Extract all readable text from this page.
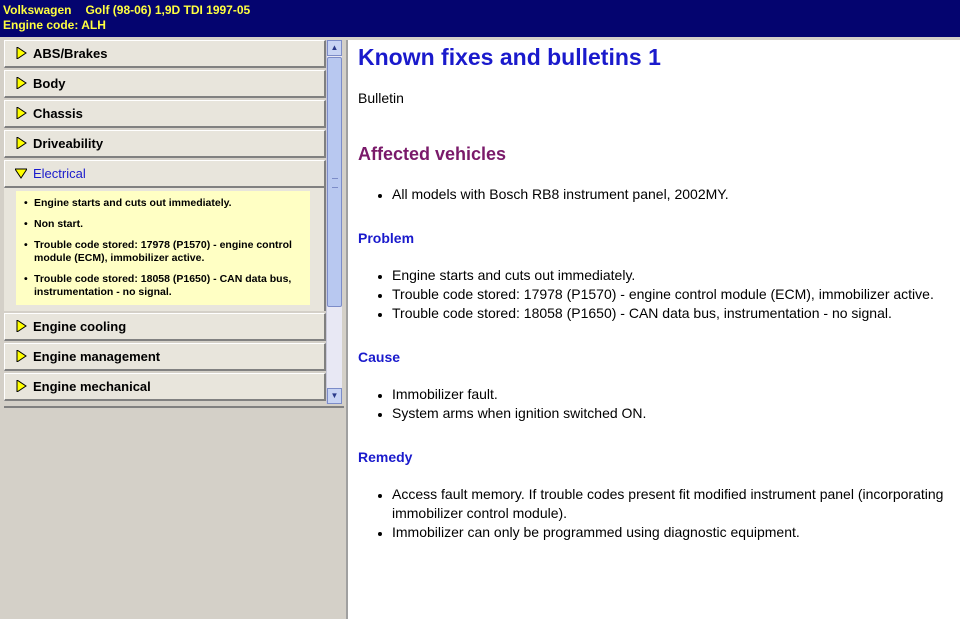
Volkswagen Golf (98-06) 1,9D TDI 1997-05
Engine code: ALH
ABS/Brakes
Body
Chassis
Driveability
Electrical
• Engine starts and cuts out immediately.
• Non start.
• Trouble code stored: 17978 (P1570) - engine control module (ECM), immobilizer active.
• Trouble code stored: 18058 (P1650) - CAN data bus, instrumentation - no signal.
Engine cooling
Engine management
Engine mechanical
▲
▼
Known fixes and bulletins 1
Bulletin
Affected vehicles
• All models with Bosch RB8 instrument panel, 2002MY.
Problem
• Engine starts and cuts out immediately.
• Trouble code stored: 17978 (P1570) - engine control module (ECM), immobilizer active.
• Trouble code stored: 18058 (P1650) - CAN data bus, instrumentation - no signal.
Cause
• Immobilizer fault.
• System arms when ignition switched ON.
Remedy
• Access fault memory. If trouble codes present fit modified instrument panel (incorporating immobilizer control module).
• Immobilizer can only be programmed using diagnostic equipment.
